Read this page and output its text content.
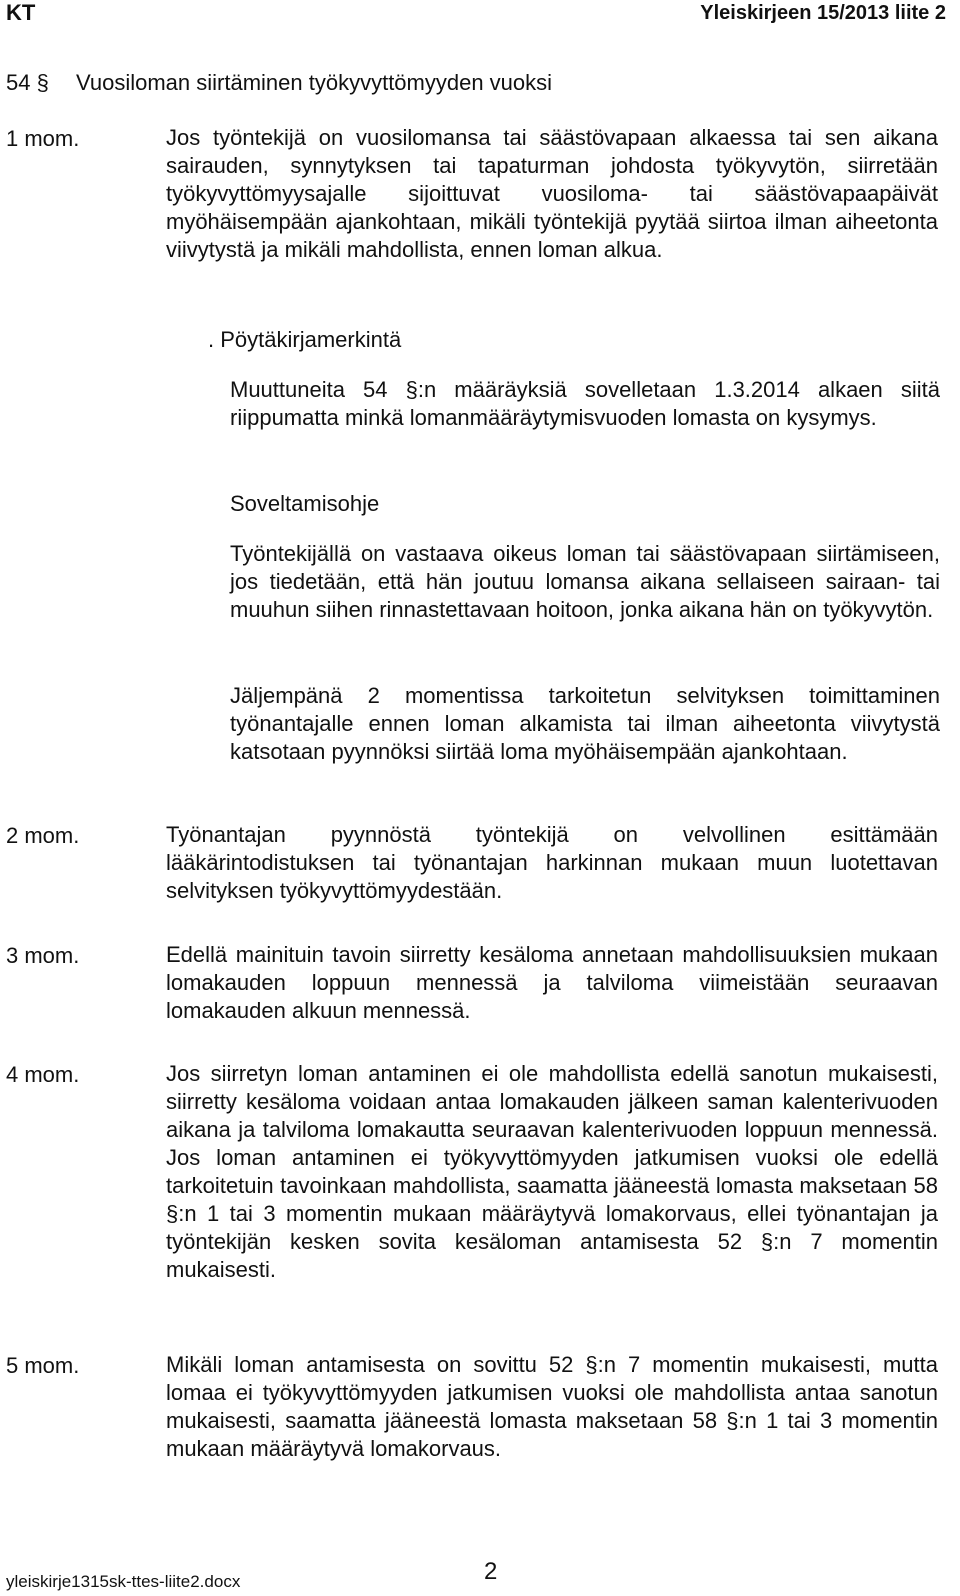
KT	Yleiskirjeen 15/2013 liite 2
54 § Vuosiloman siirtäminen työkyvyttömyyden vuoksi
1 mom.	Jos työntekijä on vuosilomansa tai säästövapaan alkaessa tai sen aikana sairauden, synnytyksen tai tapaturman johdosta työkyvytön, siirretään työkyvyttömyysajalle sijoittuvat vuosiloma- tai säästövapaapäivät myöhäisempään ajankohtaan, mikäli työntekijä pyytää siirtoa ilman aiheetonta viivytystä ja mikäli mahdollista, ennen loman alkua.

. Pöytäkirjamerkintä

Muuttuneita 54 §:n määräyksiä sovelletaan 1.3.2014 alkaen siitä riippumatta minkä lomanmääräytymisvuoden lomasta on kysymys.

Soveltamisohje

Työntekijällä on vastaava oikeus loman tai säästövapaan siirtämiseen, jos tiedetään, että hän joutuu lomansa aikana sellaiseen sairaan- tai muuhun siihen rinnastettavaan hoitoon, jonka aikana hän on työkyvytön.

Jäljempänä 2 momentissa tarkoitetun selvityksen toimittaminen työnantajalle ennen loman alkamista tai ilman aiheetonta viivytystä katsotaan pyynnöksi siirtää loma myöhäisempään ajankohtaan.

2 mom.	Työnantajan pyynnöstä työntekijä on velvollinen esittämään lääkärintodistuksen tai työnantajan harkinnan mukaan muun luotettavan selvityksen työkyvyttömyydestään.

3 mom.	Edellä mainituin tavoin siirretty kesäloma annetaan mahdollisuuksien mukaan lomakauden loppuun mennessä ja talviloma viimeistään seuraavan lomakauden alkuun mennessä.

4 mom.	Jos siirretyn loman antaminen ei ole mahdollista edellä sanotun mukaisesti, siirretty kesäloma voidaan antaa lomakauden jälkeen saman kalenterivuoden aikana ja talviloma lomakautta seuraavan kalenterivuoden loppuun mennessä. Jos loman antaminen ei työkyvyttömyyden jatkumisen vuoksi ole edellä tarkoitetuin tavoinkaan mahdollista, saamatta jääneestä lomasta maksetaan 58 §:n 1 tai 3 momentin mukaan määräytyvä lomakorvaus, ellei työnantajan ja työntekijän kesken sovita kesäloman antamisesta 52 §:n 7 momentin mukaisesti.

5 mom.	Mikäli loman antamisesta on sovittu 52 §:n 7 momentin mukaisesti, mutta lomaa ei työkyvyttömyyden jatkumisen vuoksi ole mahdollista antaa sanotun mukaisesti, saamatta jääneestä lomasta maksetaan 58 §:n 1 tai 3 momentin mukaan määräytyvä lomakorvaus.

yleiskirje1315sk-ttes-liite2.docx	2
